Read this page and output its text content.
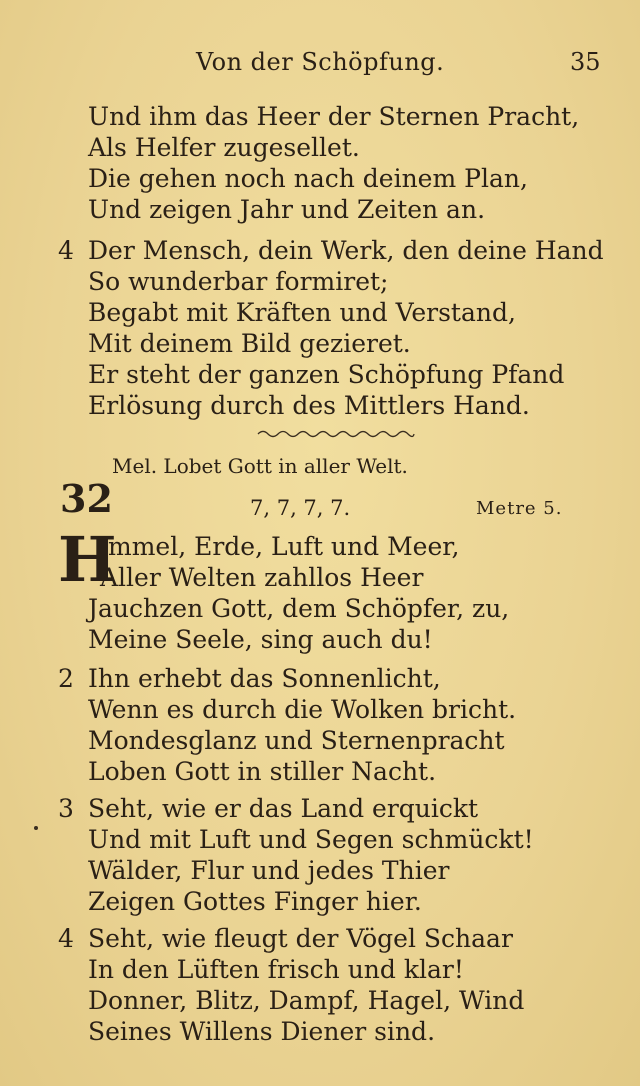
Von der Schöpfung.	35
Und ihm das Heer der Sternen Pracht,
Als Helfer zugesellet.
Die gehen noch nach deinem Plan,
Und zeigen Jahr und Zeiten an.
4 Der Mensch, dein Werk, den deine Hand
So wunderbar formiret;
Begabt mit Kräften und Verstand,
Mit deinem Bild gezieret.
Er steht der ganzen Schöpfung Pfand
Erlösung durch des Mittlers Hand.
Mel. Lobet Gott in aller Welt.
32	7, 7, 7, 7.	Metre 5.
H
immel, Erde, Luft und Meer,
Aller Welten zahllos Heer
Jauchzen Gott, dem Schöpfer, zu,
Meine Seele, sing auch du!
2 Ihn erhebt das Sonnenlicht,
Wenn es durch die Wolken bricht.
Mondesglanz und Sternenpracht
Loben Gott in stiller Nacht.
3 Seht, wie er das Land erquickt
Und mit Luft und Segen schmückt!
Wälder, Flur und jedes Thier
Zeigen Gottes Finger hier.
4 Seht, wie fleugt der Vögel Schaar
In den Lüften frisch und klar!
Donner, Blitz, Dampf, Hagel, Wind
Seines Willens Diener sind.
